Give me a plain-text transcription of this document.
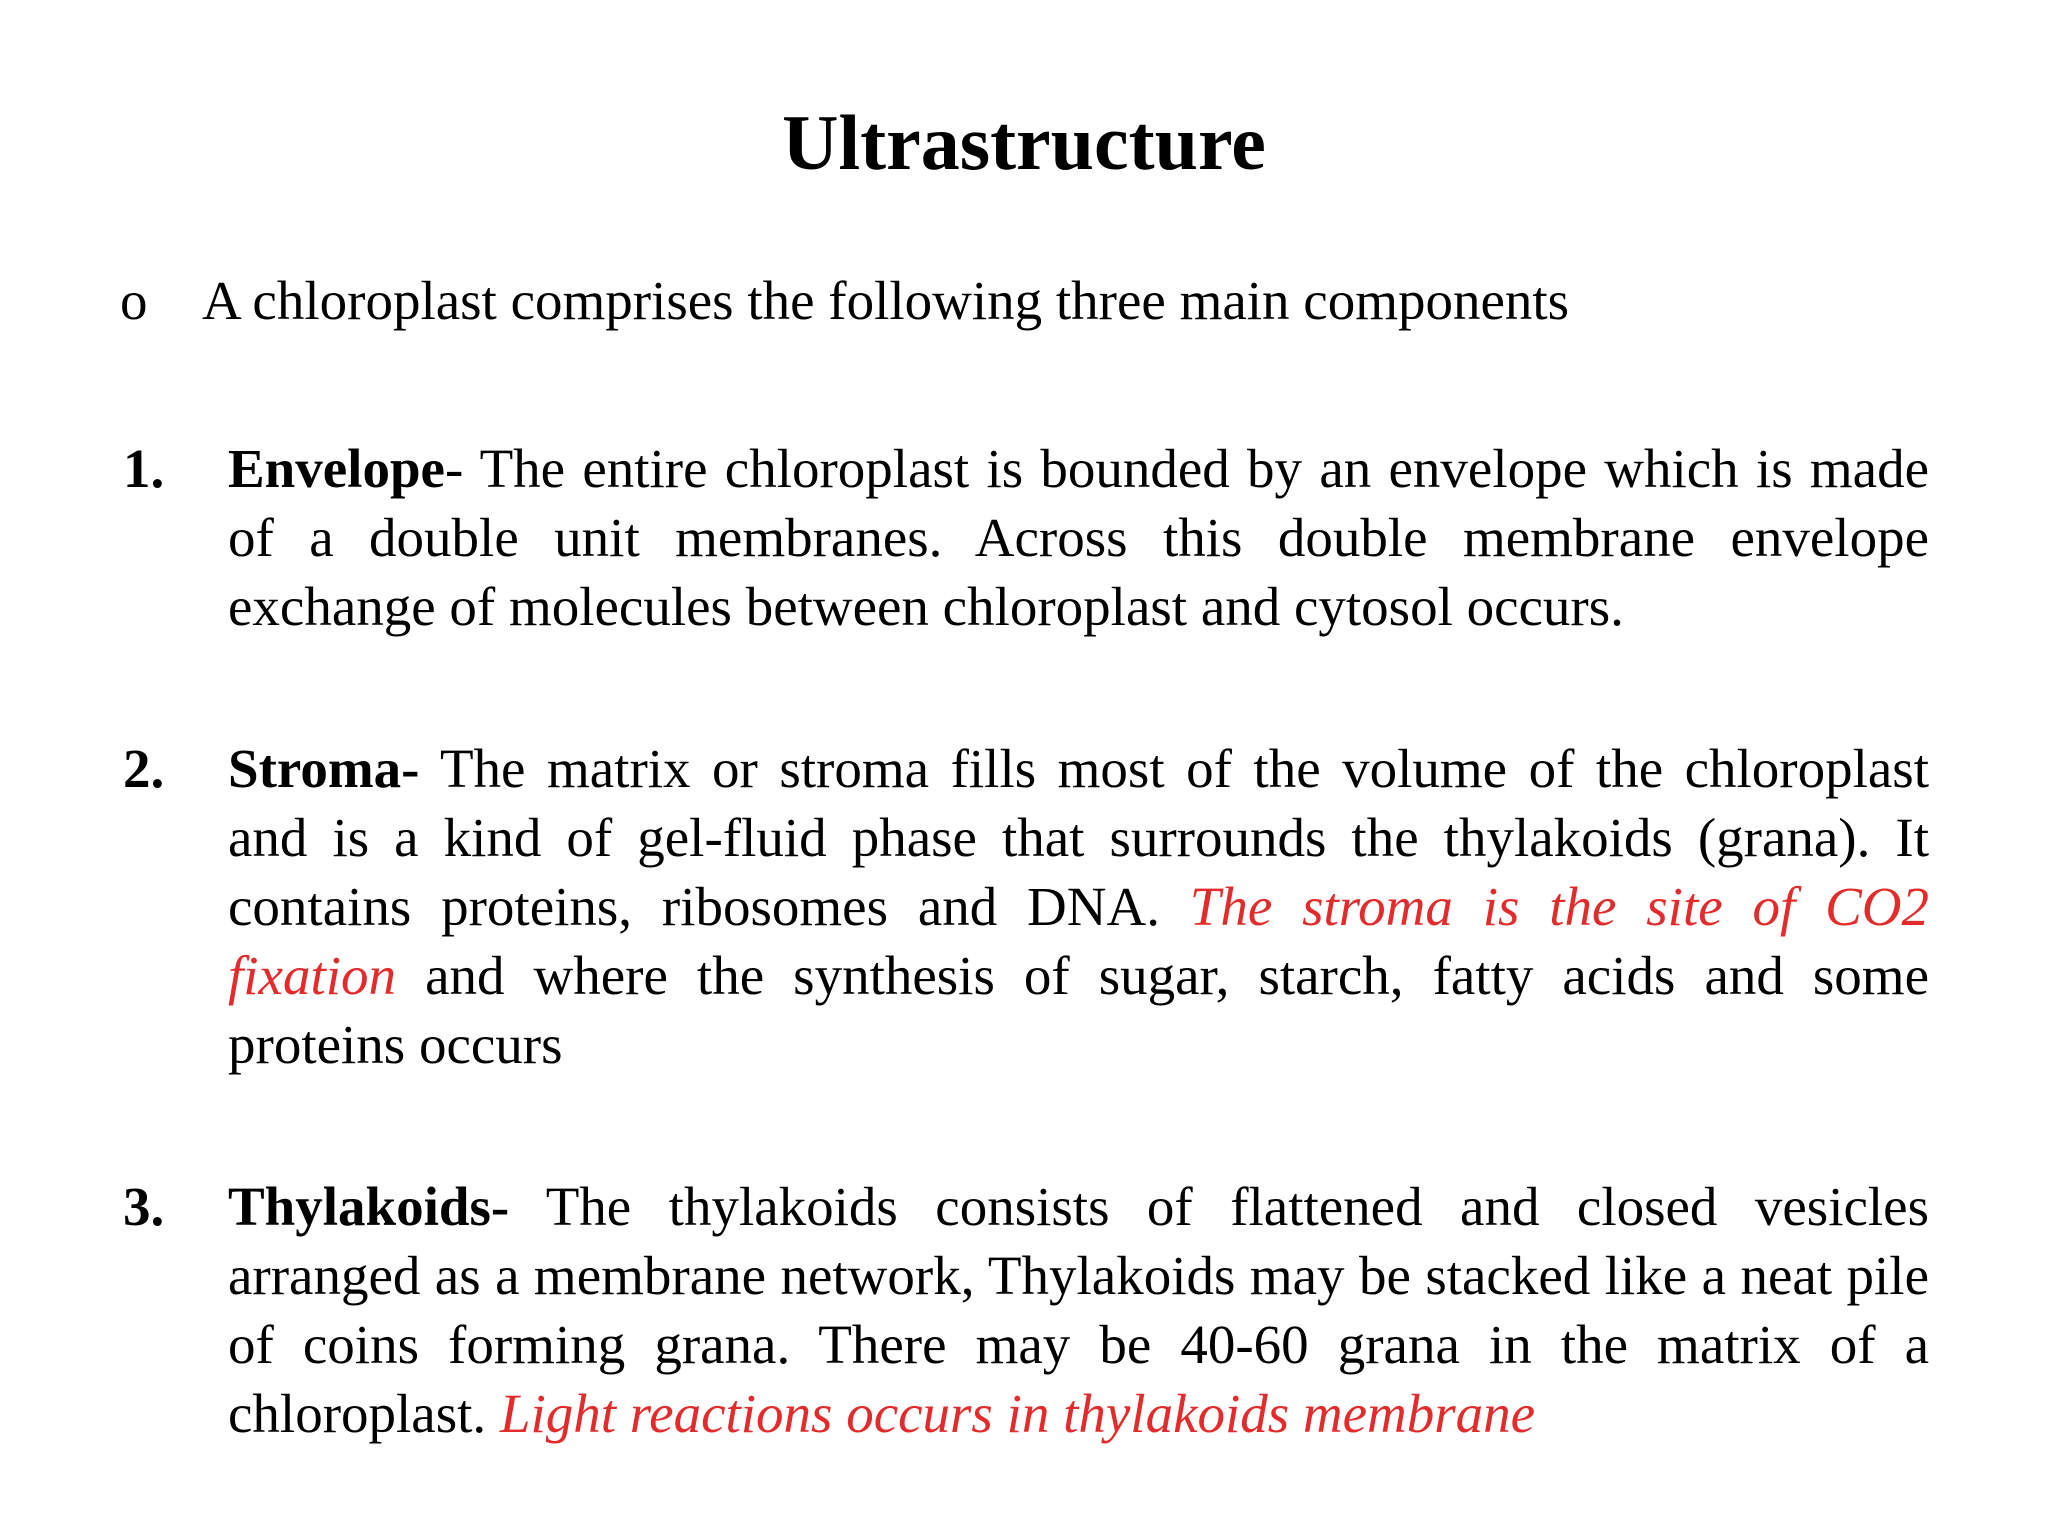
Ultrastructure
o A chloroplast comprises the following three main components
1. Envelope- The entire chloroplast is bounded by an envelope which is made of a double unit membranes. Across this double membrane envelope exchange of molecules between chloroplast and cytosol occurs.
2. Stroma- The matrix or stroma fills most of the volume of the chloroplast and is a kind of gel-fluid phase that surrounds the thylakoids (grana). It contains proteins, ribosomes and DNA. The stroma is the site of CO2 fixation and where the synthesis of sugar, starch, fatty acids and some proteins occurs
3. Thylakoids- The thylakoids consists of flattened and closed vesicles arranged as a membrane network, Thylakoids may be stacked like a neat pile of coins forming grana. There may be 40-60 grana in the matrix of a chloroplast. Light reactions occurs in thylakoids membrane
